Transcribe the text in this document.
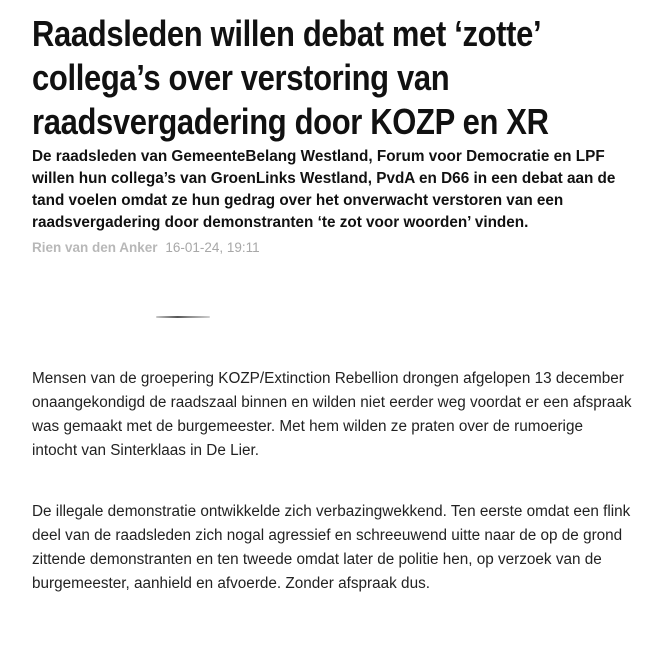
Raadsleden willen debat met ‘zotte’ collega’s over verstoring van raadsvergadering door KOZP en XR

De raadsleden van GemeenteBelang Westland, Forum voor Democratie en LPF willen hun collega’s van GroenLinks Westland, PvdA en D66 in een debat aan de tand voelen omdat ze hun gedrag over het onverwacht verstoren van een raadsvergadering door demonstranten ‘te zot voor woorden’ vinden.

Rien van den Anker 16-01-24, 19:11

Mensen van de groepering KOZP/Extinction Rebellion drongen afgelopen 13 december onaangekondigd de raadszaal binnen en wilden niet eerder weg voordat er een afspraak was gemaakt met de burgemeester. Met hem wilden ze praten over de rumoerige intocht van Sinterklaas in De Lier.

De illegale demonstratie ontwikkelde zich verbazingwekkend. Ten eerste omdat een flink deel van de raadsleden zich nogal agressief en schreeuwend uitte naar de op de grond zittende demonstranten en ten tweede omdat later de politie hen, op verzoek van de burgemeester, aanhield en afvoerde. Zonder afspraak dus.
